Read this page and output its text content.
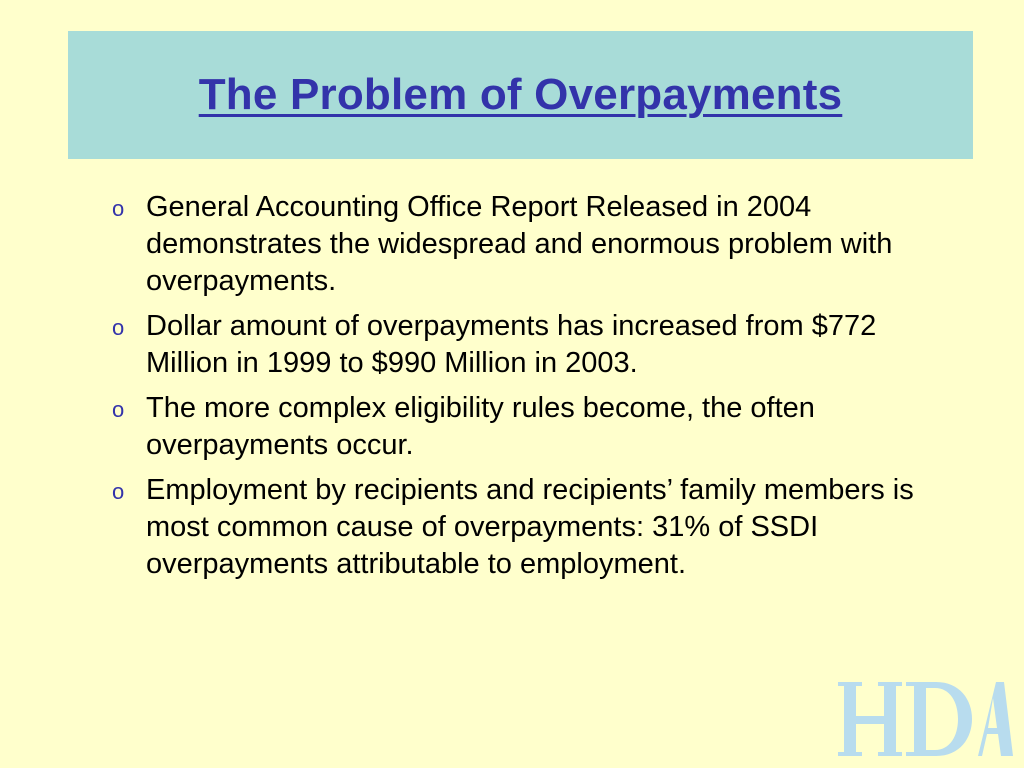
The Problem of Overpayments
o General Accounting Office Report Released in 2004 demonstrates the widespread and enormous problem with overpayments.
o Dollar amount of overpayments has increased from $772 Million in 1999 to $990 Million in 2003.
o The more complex eligibility rules become, the often overpayments occur.
o Employment by recipients and recipients’ family members is most common cause of overpayments: 31% of SSDI overpayments attributable to employment.
